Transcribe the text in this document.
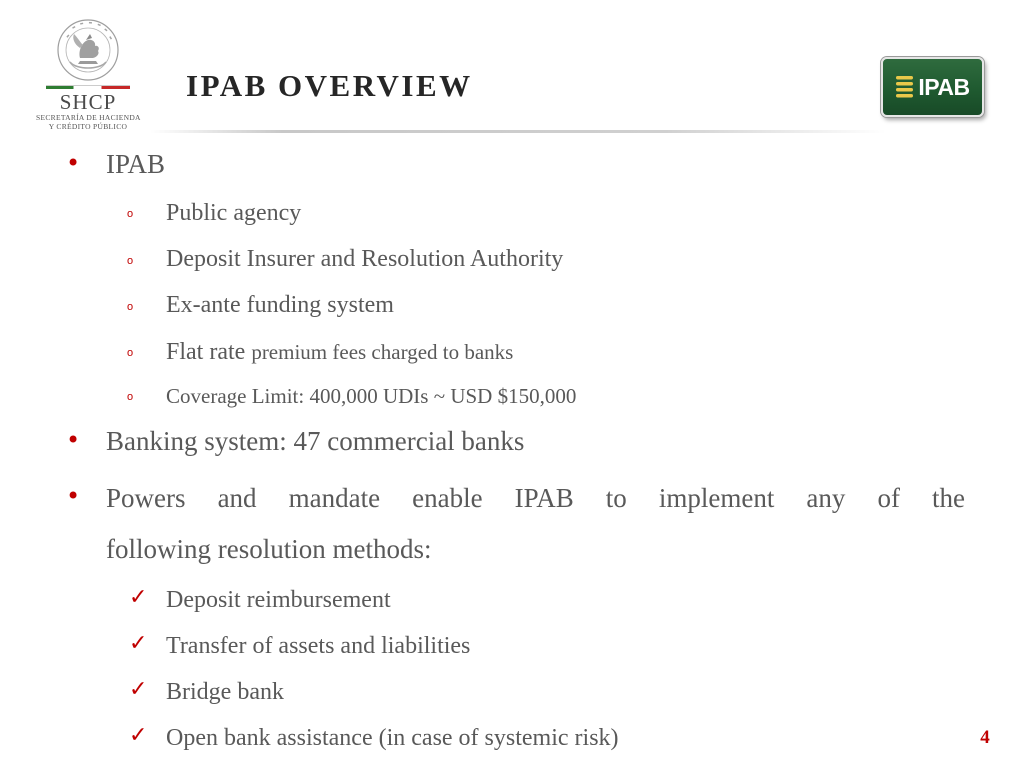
SHCP
SECRETARÍA DE HACIENDA
Y CRÉDITO PÚBLICO
IPAB OVERVIEW	IPAB
• IPAB
o Public agency
o Deposit Insurer and Resolution Authority
o Ex-ante funding system
o Flat rate premium fees charged to banks
o Coverage Limit: 400,000 UDIs ~ USD $150,000
• Banking system: 47 commercial banks
• Powers and mandate enable IPAB to implement any of the
following resolution methods:
✓ Deposit reimbursement
✓ Transfer of assets and liabilities
✓ Bridge bank
✓ Open bank assistance (in case of systemic risk)	4
